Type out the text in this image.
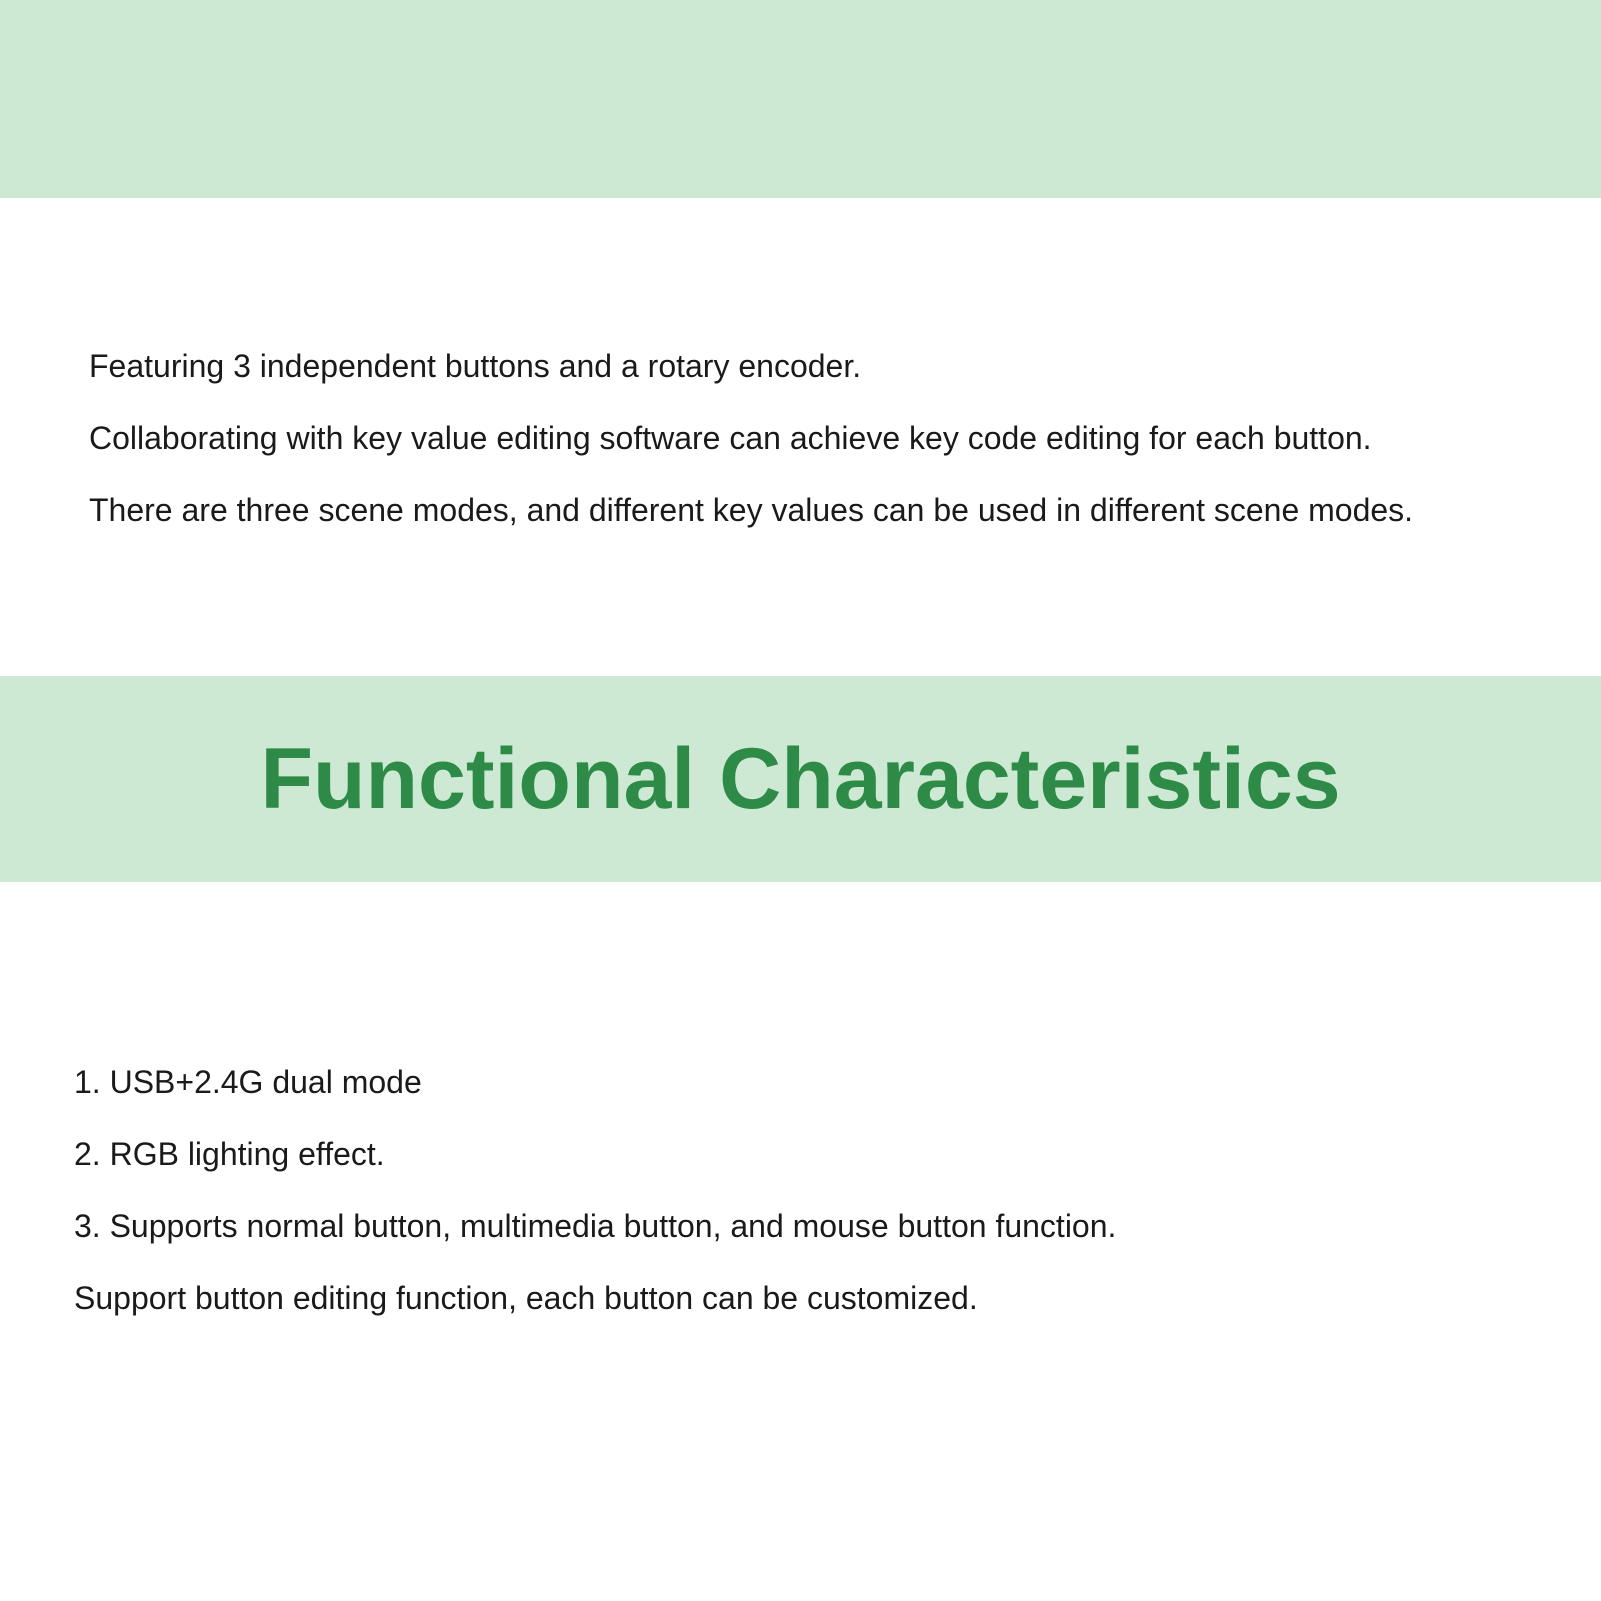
Featuring 3 independent buttons and a rotary encoder.
Collaborating with key value editing software can achieve key code editing for each button.
There are three scene modes, and different key values can be used in different scene modes.
Functional Characteristics
1. USB+2.4G dual mode
2. RGB lighting effect.
3. Supports normal button, multimedia button, and mouse button function.
Support button editing function, each button can be customized.
